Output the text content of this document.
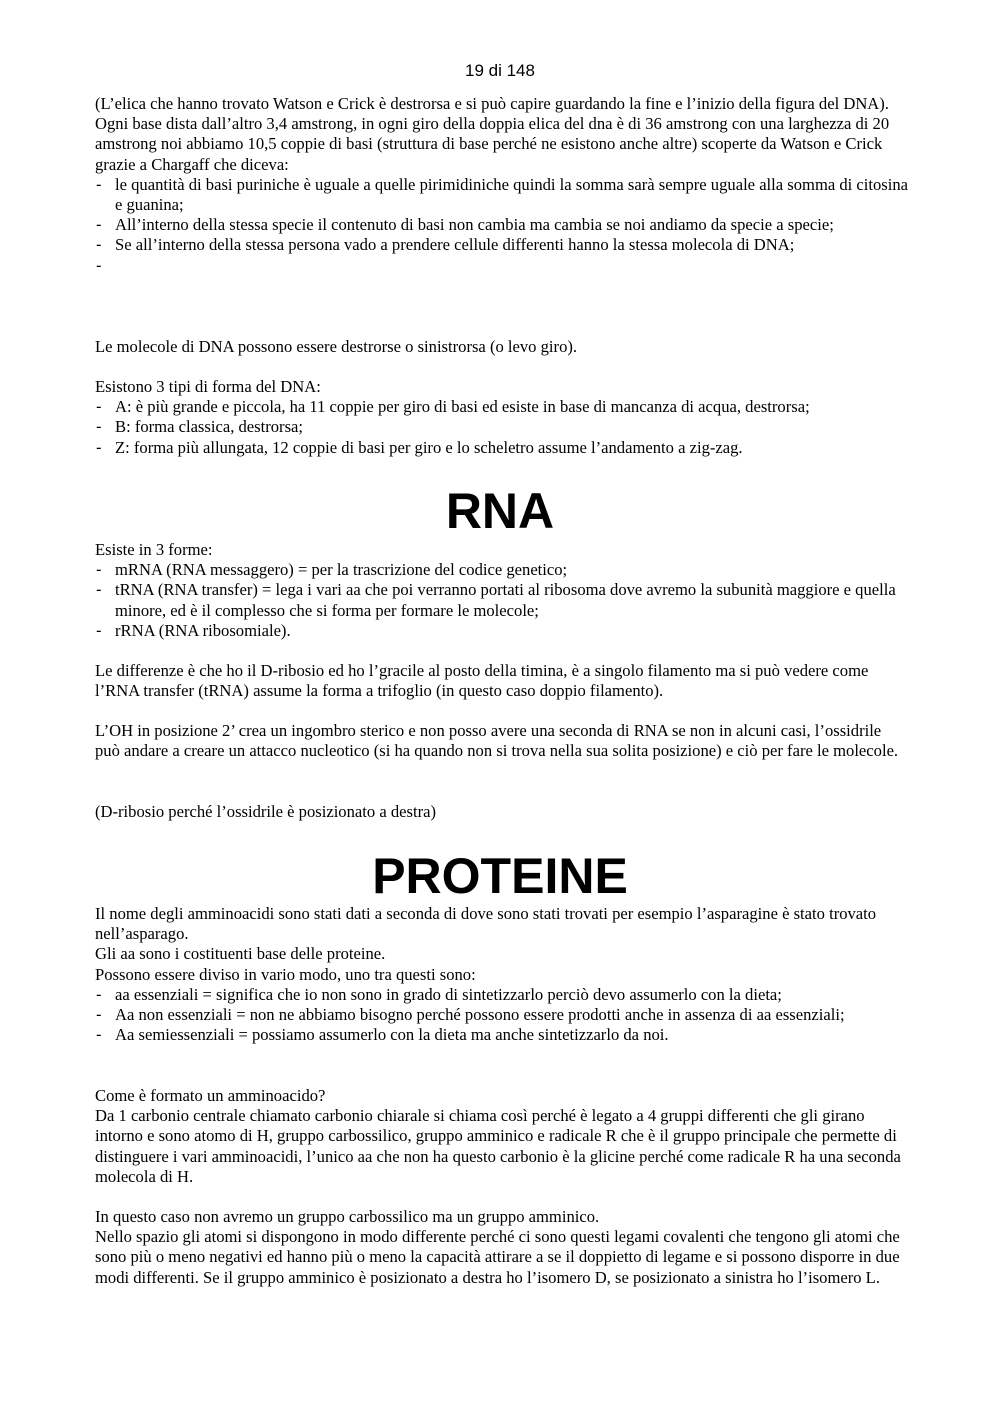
19 di 148

(L’elica che hanno trovato Watson e Crick è destrorsa e si può capire guardando la fine e l’inizio della figura del DNA).

Ogni base dista dall’altro 3,4 amstrong, in ogni giro della doppia elica del dna è di 36 amstrong con una larghezza di 20 amstrong noi abbiamo 10,5 coppie di basi (struttura di base perché ne esistono anche altre) scoperte da Watson e Crick grazie a Chargaff che diceva:

- le quantità di basi puriniche è uguale a quelle pirimidiniche quindi la somma sarà sempre uguale alla somma di citosina e guanina;
- All’interno della stessa specie il contenuto di basi non cambia ma cambia se noi andiamo da specie a specie;
- Se all’interno della stessa persona vado a prendere cellule differenti hanno la stessa molecola di DNA;
-

Le molecole di DNA possono essere destrorse o sinistrorsa (o levo giro).

Esistono 3 tipi di forma del DNA:

- A: è più grande e piccola, ha 11 coppie per giro di basi ed esiste in base di mancanza di acqua, destrorsa;
- B: forma classica, destrorsa;
- Z: forma più allungata, 12 coppie di basi per giro e lo scheletro assume l’andamento a zig-zag.
RNA

Esiste in 3 forme:

- mRNA (RNA messaggero) = per la trascrizione del codice genetico;
- tRNA (RNA transfer) = lega i vari aa che poi verranno portati al ribosoma dove avremo la subunità maggiore e quella minore, ed è il complesso che si forma per formare le molecole;
- rRNA (RNA ribosomiale).

Le differenze è che ho il D-ribosio ed ho l’gracile al posto della timina, è a singolo filamento ma si può vedere come l’RNA transfer (tRNA) assume la forma a trifoglio (in questo caso doppio filamento).

L’OH in posizione 2’ crea un ingombro sterico e non posso avere una seconda di RNA se non in alcuni casi, l’ossidrile può andare a creare un attacco nucleotico (si ha quando non si trova nella sua solita posizione) e ciò per fare le molecole.

(D-ribosio perché l’ossidrile è posizionato a destra)

PROTEINE

Il nome degli amminoacidi sono stati dati a seconda di dove sono stati trovati per esempio l’asparagine è stato trovato nell’asparago.

Gli aa sono i costituenti base delle proteine.

Possono essere diviso in vario modo, uno tra questi sono:

- aa essenziali = significa che io non sono in grado di sintetizzarlo perciò devo assumerlo con la dieta;
- Aa non essenziali = non ne abbiamo bisogno perché possono essere prodotti anche in assenza di aa essenziali;
- Aa semiessenziali = possiamo assumerlo con la dieta ma anche sintetizzarlo da noi.

Come è formato un amminoacido?

Da 1 carbonio centrale chiamato carbonio chiarale si chiama così perché è legato a 4 gruppi differenti che gli girano intorno e sono atomo di H, gruppo carbossilico, gruppo amminico e radicale R che è il gruppo principale che permette di distinguere i vari amminoacidi, l’unico aa che non ha questo carbonio è la glicine perché come radicale R ha una seconda molecola di H.

In questo caso non avremo un gruppo carbossilico ma un gruppo amminico.

Nello spazio gli atomi si dispongono in modo differente perché ci sono questi legami covalenti che tengono gli atomi che sono più o meno negativi ed hanno più o meno la capacità attirare a se il doppietto di legame e si possono disporre in due modi differenti. Se il gruppo amminico è posizionato a destra ho l’isomero D, se posizionato a sinistra ho l’isomero L.
